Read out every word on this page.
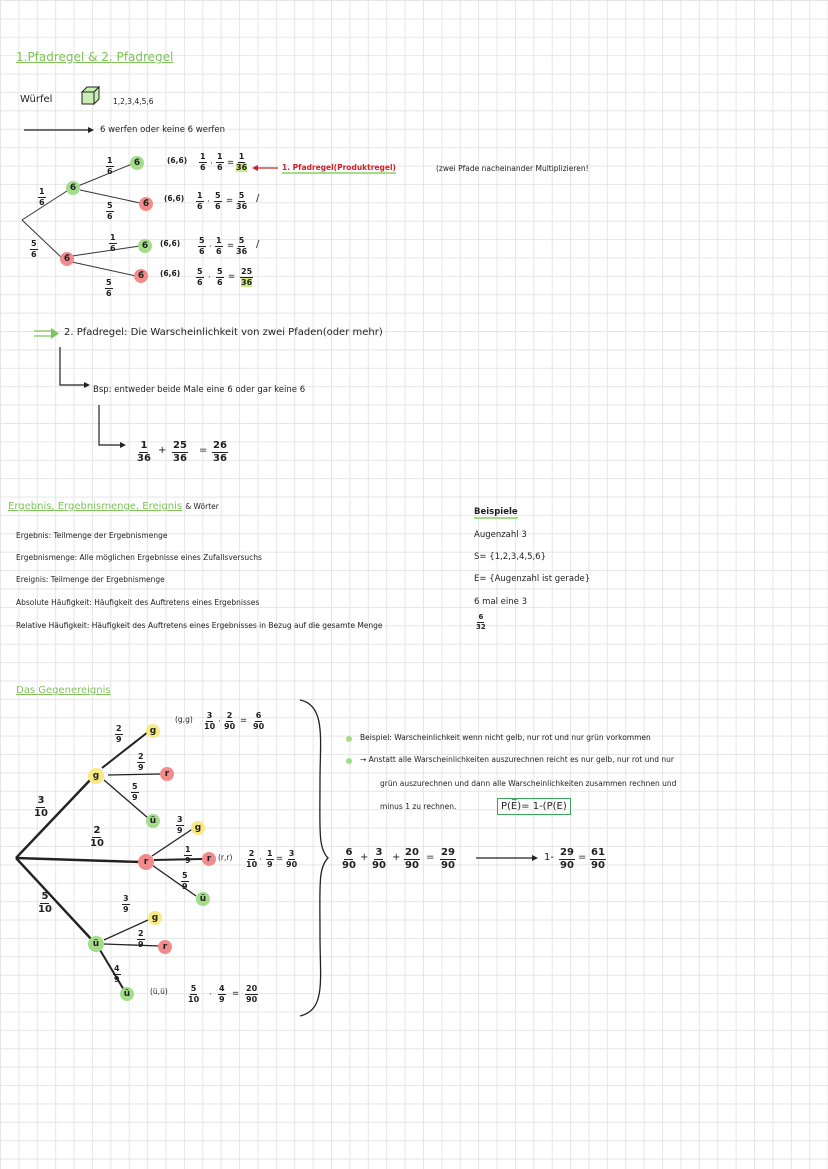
1.Pfadregel & 2. Pfadregel
Würfel	1,2,3,4,5,6
6 werfen oder keine 6 werfen
6
6̄
6
6̄
6
6̄
$\frac{1}{6}$
$\frac{5}{6}$
$\frac{1}{6}$
$\frac{5}{6}$
$\frac{1}{6}$
$\frac{5}{6}$
$(6,6) \frac{1}{6} \cdot \frac{1}{6} = \frac{1}{36}$	1. Pfadregel(Produktregel)	(zwei Pfade nacheinander Multiplizieren!
(6,6̄) $\frac{1}{6} \cdot \frac{5}{6} = \frac{5}{36}$ /
(6̄,6) $\frac{5}{6} \cdot \frac{1}{6} = \frac{5}{36}$ /
(6̄,6̄) $\frac{5}{6} \cdot \frac{5}{6} = \frac{25}{36}$
2. Pfadregel: Die Warscheinlichkeit von zwei Pfaden(oder mehr)
Bsp: entweder beide Male eine 6 oder gar keine 6
$\frac{1}{36} + \frac{25}{36} = \frac{26}{36}$
Ergebnis, Ergebnismenge, Ereignis & Wörter
Beispiele
Ergebnis: Teilmenge der Ergebnismenge	Augenzahl 3
Ergebnismenge: Alle möglichen Ergebnisse eines Zufallsversuchs	S= {1,2,3,4,5,6}
Ereignis: Teilmenge der Ergebnismenge	E= {Augenzahl ist gerade}
Absolute Häufigkeit: Häufigkeit des Auftretens eines Ergebnisses	6 mal eine 3
Relative Häufigkeit: Häufigkeit des Auftretens eines Ergebnisses in Bezug auf die gesamte Menge	$\frac{6}{32}$
Das Gegenereignis
g
r
ü
g
r
ü
g
r
ü
g
r
ü
$\frac{3}{10}$
$\frac{2}{10}$
$\frac{5}{10}$
$\frac{2}{9}$
$\frac{2}{9}$
$\frac{5}{9}$
$\frac{3}{9}$
$\frac{1}{9}$
$\frac{5}{9}$
$\frac{3}{9}$
$\frac{2}{9}$
$\frac{4}{9}$
$(g,g) \frac{3}{10} \cdot \frac{2}{90} = \frac{6}{90}$
$(r,r) \frac{2}{10} \cdot \frac{1}{9} = \frac{3}{90}$
(ü,ü)	$\frac{5}{10} \cdot \frac{4}{9} = \frac{20}{90}$
Beispiel: Warscheinlichkeit wenn nicht gelb, nur rot und nur grün vorkommen
→ Anstatt alle Warscheinlichkeiten auszurechnen reicht es nur gelb, nur rot und nur
grün auszurechnen und dann alle Warscheinlichkeiten zusammen rechnen und
minus 1 zu rechnen.	P(E̅)= 1-(P(E)
$\frac{6}{90} + \frac{3}{90} + \frac{20}{90} = \frac{29}{90}$	$1- \frac{29}{90} = \frac{61}{90}$
